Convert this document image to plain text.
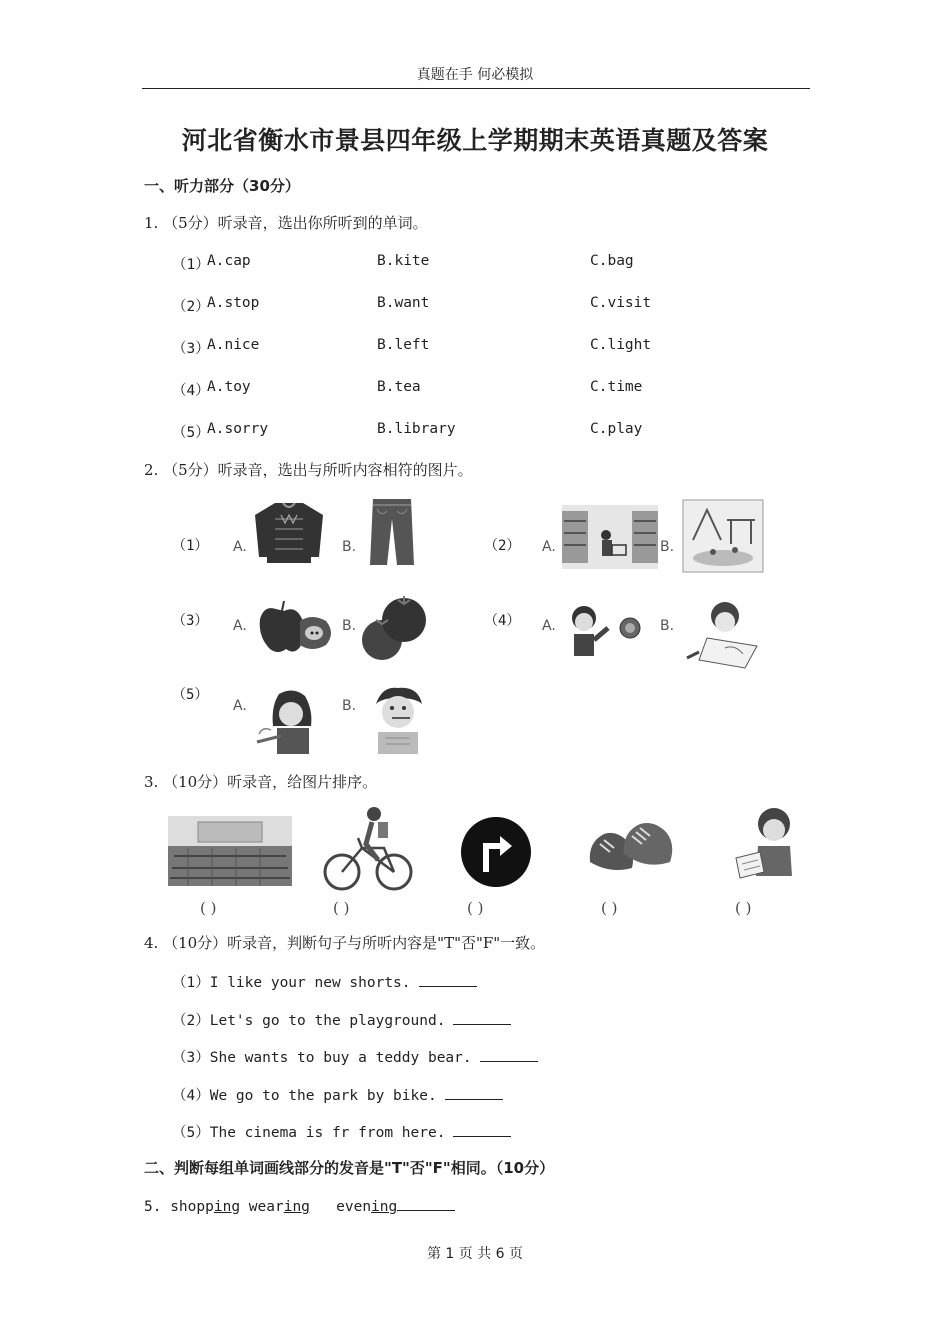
真题在手 何必模拟
河北省衡水市景县四年级上学期期末英语真题及答案
一、听力部分（30分）
1. （5分）听录音，选出你所听到的单词。
（1）
A.cap	B.kite	C.bag
（2）
A.stop	B.want	C.visit
（3）
A.nice	B.left	C.light
（4）
A.toy	B.tea	C.time
（5）
A.sorry	B.library	C.play
2. （5分）听录音，选出与所听内容相符的图片。
（1） A.	B.	（2） A.	B.
（3） A.	B.	（4） A.	B.
（5）
A.	B.
3. （10分）听录音，给图片排序。
( )	( )	( )	( )	( )
4. （10分）听录音，判断句子与所听内容是"T"否"F"一致。
（1）I like your new shorts.
（2）Let's go to the playground.
（3）She wants to buy a teddy bear.
（4）We go to the park by bike.
（5）The cinema is fr from here.
二、判断每组单词画线部分的发音是"T"否"F"相同。（10分）
5. shopping wearing evening
第 1 页 共 6 页
